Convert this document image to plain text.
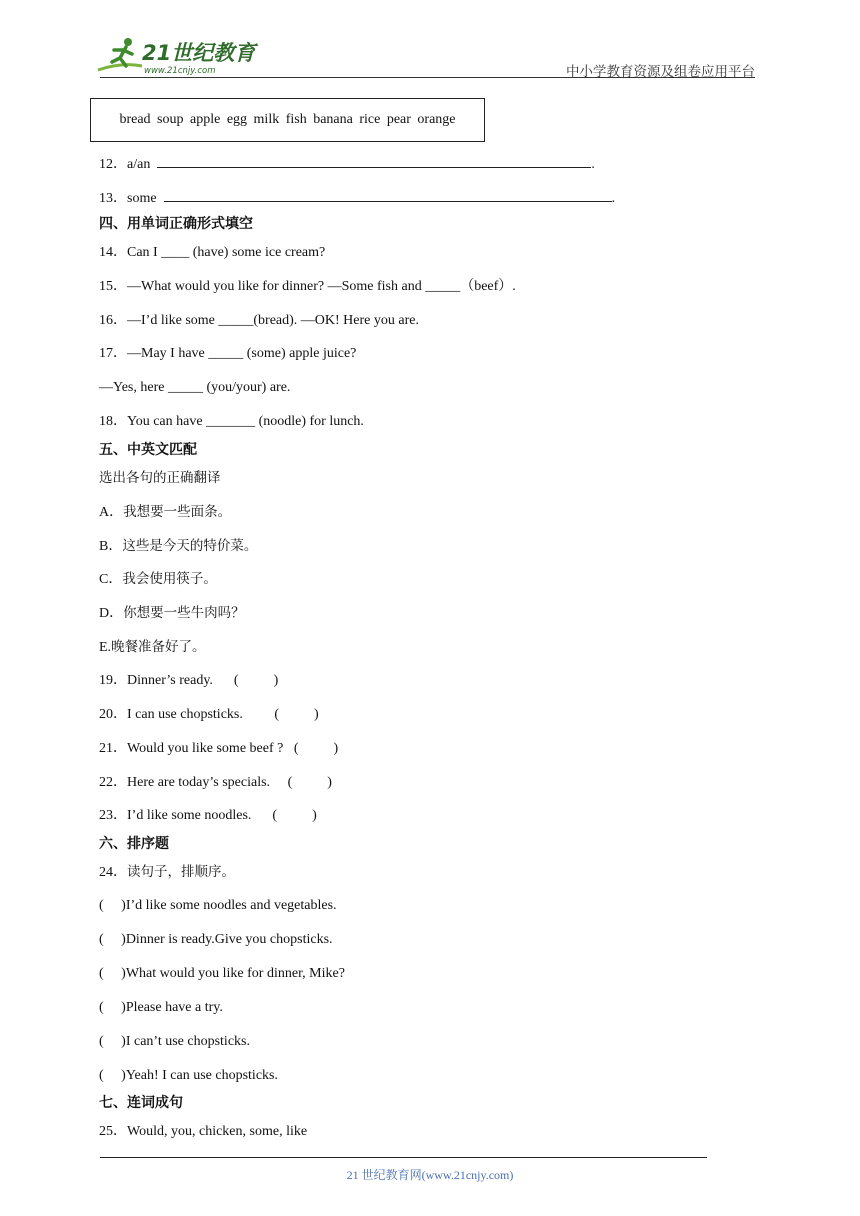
21世纪教育
www.21cnjy.com	中小学教育资源及组卷应用平台
bread soup apple egg milk fish banana rice pear orange
12．a/an	.
13．some	.
四、用单词正确形式填空
14．Can I ____ (have) some ice cream?
15．—What would you like for dinner? —Some fish and _____（beef）.
16．—I’d like some _____(bread). —OK! Here you are.
17．—May I have _____ (some) apple juice?
—Yes, here _____ (you/your) are.
18．You can have _______ (noodle) for lunch.
五、中英文匹配
选出各句的正确翻译
A．我想要一些面条。
B．这些是今天的特价菜。
C．我会使用筷子。
D．你想要一些牛肉吗？
E.晚餐准备好了。
19．Dinner’s ready. (          )
20．I can use chopsticks. (          )
21．Would you like some beef ? (          )
22．Here are today’s specials. (          )
23．I’d like some noodles. (          )
六、排序题
24．读句子，排顺序。
(     )I’d like some noodles and vegetables.
(     )Dinner is ready.Give you chopsticks.
(     )What would you like for dinner, Mike?
(     )Please have a try.
(     )I can’t use chopsticks.
(     )Yeah! I can use chopsticks.
七、连词成句
25．Would, you, chicken, some, like
21 世纪教育网(www.21cnjy.com)
